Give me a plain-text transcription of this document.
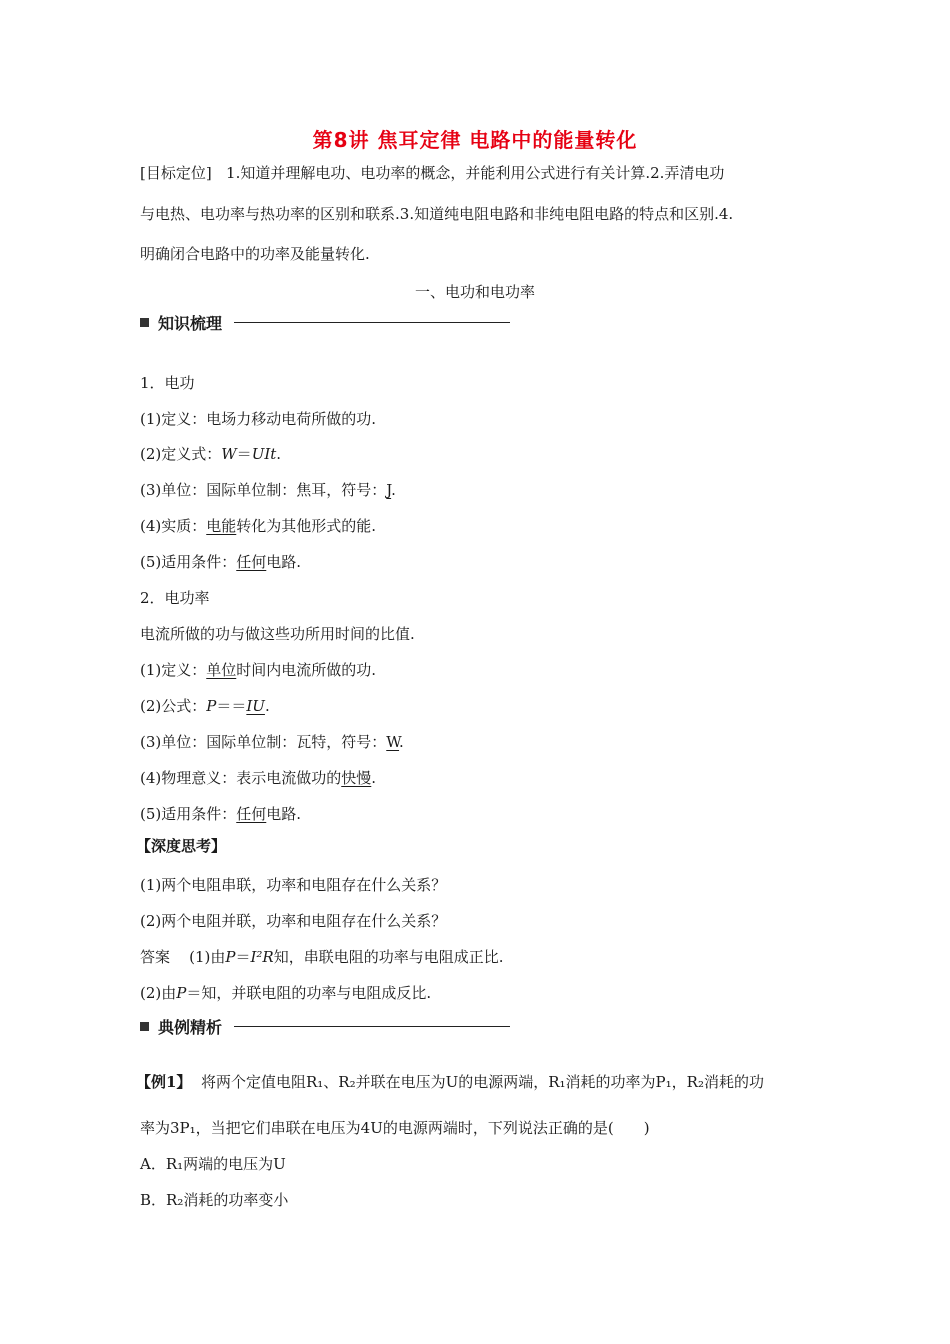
第8讲 焦耳定律 电路中的能量转化
[目标定位] 1.知道并理解电功、电功率的概念，并能利用公式进行有关计算.2.弄清电功
与电热、电功率与热功率的区别和联系.3.知道纯电阻电路和非纯电阻电路的特点和区别.4.
明确闭合电路中的功率及能量转化.
一、电功和电功率
知识梳理
1．电功
(1)定义：电场力移动电荷所做的功.
(2)定义式：W＝UIt.
(3)单位：国际单位制：焦耳，符号：J.
(4)实质：电能转化为其他形式的能.
(5)适用条件：任何电路.
2．电功率
电流所做的功与做这些功所用时间的比值.
(1)定义：单位时间内电流所做的功.
(2)公式：P＝＝IU.
(3)单位：国际单位制：瓦特，符号：W.
(4)物理意义：表示电流做功的快慢.
(5)适用条件：任何电路.
【深度思考】
(1)两个电阻串联，功率和电阻存在什么关系？
(2)两个电阻并联，功率和电阻存在什么关系？
答案 (1)由P＝I²R知，串联电阻的功率与电阻成正比.
(2)由P＝知，并联电阻的功率与电阻成反比.
典例精析
【例1】 将两个定值电阻R₁、R₂并联在电压为U的电源两端，R₁消耗的功率为P₁，R₂消耗的功
率为3P₁，当把它们串联在电压为4U的电源两端时，下列说法正确的是(　　)
A．R₁两端的电压为U
B．R₂消耗的功率变小
